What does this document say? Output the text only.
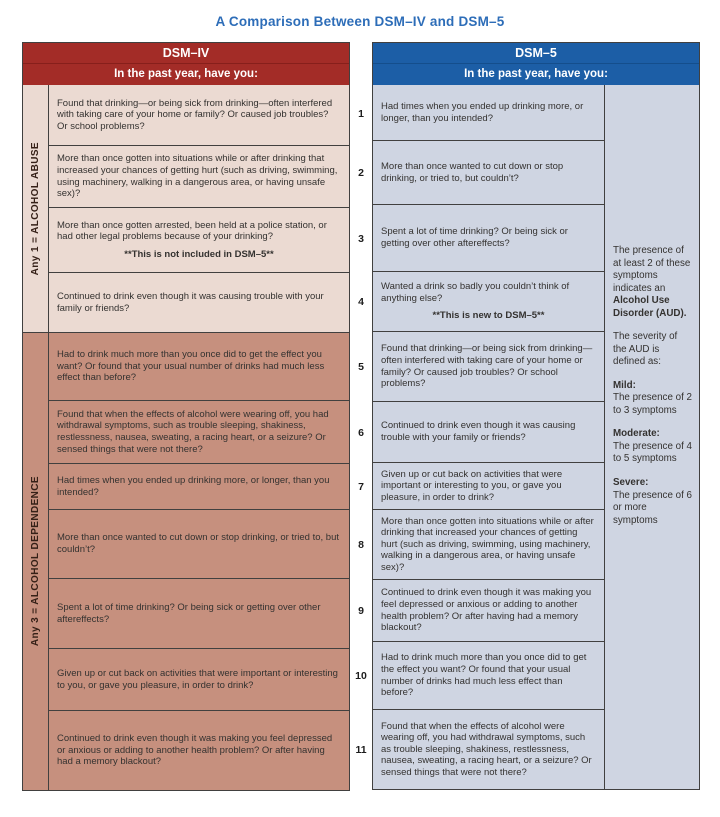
A Comparison Between DSM–IV and DSM–5
DSM–IV
In the past year, have you:
Any 1 = ALCOHOL ABUSE
Found that drinking—or being sick from drinking—often interfered with taking care of your home or family? Or caused job troubles? Or school problems?
More than once gotten into situations while or after drinking that increased your chances of getting hurt (such as driving, swimming, using machinery, walking in a dangerous area, or having unsafe sex)?
More than once gotten arrested, been held at a police station, or had other legal problems because of your drinking?
**This is not included in DSM–5**
Continued to drink even though it was causing trouble with your family or friends?
Any 3 = ALCOHOL DEPENDENCE
Had to drink much more than you once did to get the effect you want? Or found that your usual number of drinks had much less effect than before?
Found that when the effects of alcohol were wearing off, you had withdrawal symptoms, such as trouble sleeping, shakiness, restlessness, nausea, sweating, a racing heart, or a seizure? Or sensed things that were not there?
Had times when you ended up drinking more, or longer, than you intended?
More than once wanted to cut down or stop drinking, or tried to, but couldn’t?
Spent a lot of time drinking? Or being sick or getting over other aftereffects?
Given up or cut back on activities that were important or interesting to you, or gave you pleasure, in order to drink?
Continued to drink even though it was making you feel depressed or anxious or adding to another health problem? Or after having had a memory blackout?
1
2
3
4
5
6
7
8
9
10
11
DSM–5
In the past year, have you:
Had times when you ended up drinking more, or longer, than you intended?
More than once wanted to cut down or stop drinking, or tried to, but couldn’t?
Spent a lot of time drinking? Or being sick or getting over other aftereffects?
Wanted a drink so badly you couldn’t think of anything else?
**This is new to DSM–5**
Found that drinking—or being sick from drinking—often interfered with taking care of your home or family? Or caused job troubles? Or school problems?
Continued to drink even though it was causing trouble with your family or friends?
Given up or cut back on activities that were important or interesting to you, or gave you pleasure, in order to drink?
More than once gotten into situations while or after drinking that increased your chances of getting hurt (such as driving, swimming, using machinery, walking in a dangerous area, or having unsafe sex)?
Continued to drink even though it was making you feel depressed or anxious or adding to another health problem? Or after having had a memory blackout?
Had to drink much more than you once did to get the effect you want? Or found that your usual number of drinks had much less effect than before?
Found that when the effects of alcohol were wearing off, you had withdrawal symptoms, such as trouble sleeping, shakiness, restlessness, nausea, sweating, a racing heart, or a seizure? Or sensed things that were not there?

The presence of at least 2 of these symptoms indicates an Alcohol Use Disorder (AUD).

The severity of the AUD is defined as:

Mild:
The presence of 2 to 3 symptoms
Moderate:
The presence of 4 to 5 symptoms
Severe:
The presence of 6 or more symptoms
